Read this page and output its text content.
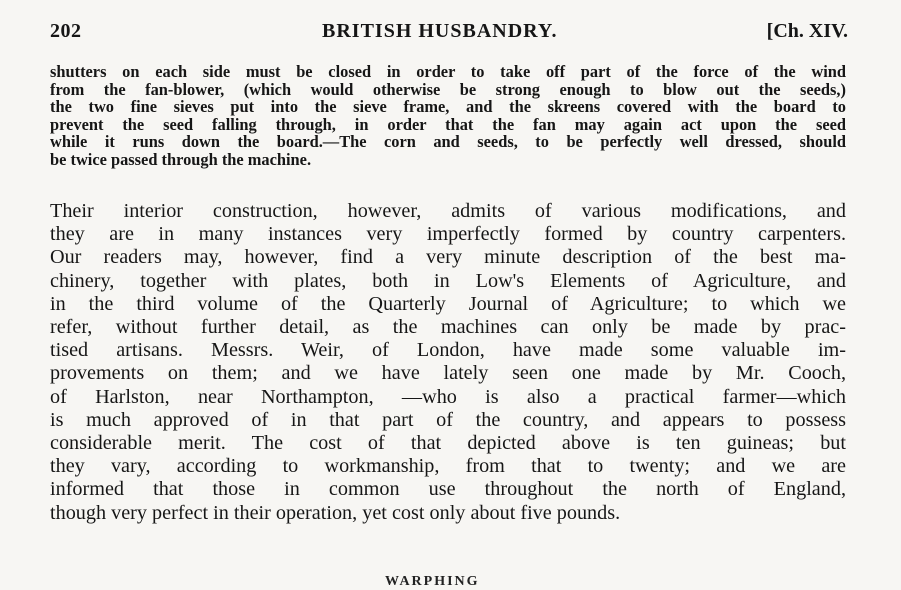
202	BRITISH HUSBANDRY.	[Ch. XIV.
shutters on each side must be closed in order to take off part of the force of the wind
from the fan-blower, (which would otherwise be strong enough to blow out the seeds,)
the two fine sieves put into the sieve frame, and the skreens covered with the board to
prevent the seed falling through, in order that the fan may again act upon the seed
while it runs down the board.—The corn and seeds, to be perfectly well dressed, should
be twice passed through the machine.
Their interior construction, however, admits of various modifications, and
they are in many instances very imperfectly formed by country carpenters.
Our readers may, however, find a very minute description of the best ma-
chinery, together with plates, both in Low's Elements of Agriculture, and
in the third volume of the Quarterly Journal of Agriculture; to which we
refer, without further detail, as the machines can only be made by prac-
tised artisans. Messrs. Weir, of London, have made some valuable im-
provements on them; and we have lately seen one made by Mr. Cooch,
of Harlston, near Northampton, —who is also a practical farmer—which
is much approved of in that part of the country, and appears to possess
considerable merit. The cost of that depicted above is ten guineas; but
they vary, according to workmanship, from that to twenty; and we are
informed that those in common use throughout the north of England,
though very perfect in their operation, yet cost only about five pounds.
WARPHING
